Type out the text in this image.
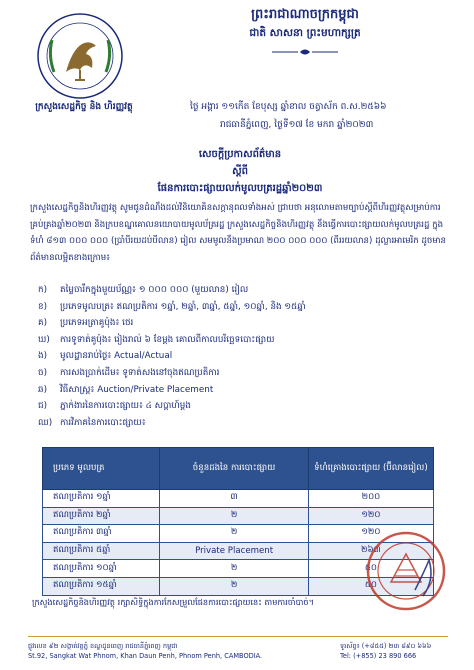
ក្រសួងសេដ្ឋកិច្ច និង ហិរញ្ញវត្ថុ
ព្រះរាជាណាចក្រកម្ពុជា
ជាតិ សាសនា ព្រះមហាក្សត្រ
ថ្ងៃ អង្គារ ១១កើត ខែបុស្ស ឆ្នាំខាល ចត្វាស័ក ព.ស.២៥៦៦
រាជធានីភ្នំពេញ, ថ្ងៃទី១៧ ខែ មករា ឆ្នាំ២០២៣
សេចក្តីប្រកាសព័ត៌មាន
ស្តីពី
ផែនការបោះផ្សាយលក់មូលបត្ររដ្ឋឆ្នាំ២០២៣
ក្រសួងសេដ្ឋកិច្ចនិងហិរញ្ញវត្ថុ សូមជូនដំណឹងដល់វិនិយោគិនសក្តានុពលទាំងអស់ ជ្រាបថា អនុលោមតាមច្បាប់ស្តីពីហិរញ្ញវត្ថុសម្រាប់ការគ្រប់គ្រងឆ្នាំ២០២៣ និងក្របខណ្ឌគោលនយោបាយមូលប័ត្ររដ្ឋ ក្រសួងសេដ្ឋកិច្ចនិងហិរញ្ញវត្ថុ នឹងធ្វើការបោះផ្សាយលក់មូលបត្ររដ្ឋ ក្នុងទំហំ ៨១៣ ០០០ ០០០ (ប្រាំបីរយដប់បីលាន) រៀល សមមូលនឹងប្រមាណ ២០០ ០០០ ០០០ (ពីររយលាន) ដុល្លារអាមេរិក ដូចមានព័ត៌មានលម្អិតខាងក្រោម៖
ក)	តម្លៃចារឹកក្នុងមួយប័ណ្ណ៖ ១ ០០០ ០០០ (មួយលាន) រៀល
ខ)	ប្រភេទមូលបត្រ៖ ឥណប្រតិការ ១ឆ្នាំ, ២ឆ្នាំ, ៣ឆ្នាំ, ៥ឆ្នាំ, ១០ឆ្នាំ, និង ១៥ឆ្នាំ
គ)	ប្រភេទអត្រាគូប៉ុង៖ ថេរ
ឃ)	ការទូទាត់គូប៉ុង៖ រៀងរាល់ ៦ ខែម្តង គោលពីកាលបរិច្ឆេទបោះផ្សាយ
ង)	មូលដ្ឋានរាប់ថ្ងៃ៖ Actual/Actual
ច)	ការសងប្រាក់ដើម៖ ទូទាត់សងនៅចុងឥណប្រតិការ
ឆ)	វិធីសាស្ត្រ៖ Auction/Private Placement
ជ)	ភ្នាក់ងារនៃការបោះផ្សាយ៖ ៤ សប្តាហ៍ម្តង
ឈ) ការវិភាគនៃការបោះផ្សាយ៖
ប្រភេទ មូលបត្រ	ចំនួនដងនៃ ការបោះផ្សាយ	ទំហំគ្រោងបោះផ្សាយ (ប៊ីលានរៀល)
ឥណប្រតិការ ១ឆ្នាំ	៣	២០០
ឥណប្រតិការ ២ឆ្នាំ	២	១២០
ឥណប្រតិការ ៣ឆ្នាំ	២	១២០
ឥណប្រតិការ ៥ឆ្នាំ	Private Placement	២៦៣
ឥណប្រតិការ ១០ឆ្នាំ	២	៥០
ឥណប្រតិការ ១៥ឆ្នាំ	២	៥០
ក្រសួងសេដ្ឋកិច្ចនិងហិរញ្ញវត្ថុ រក្សាសិទ្ធិក្នុងការកែសម្រួលផែនការបោះផ្សាយនេះ តាមការចាំបាច់។
ផ្លូវលេខ ៩២ សង្កាត់វត្តភ្នំ ខណ្ឌដូនពេញ រាជធានីភ្នំពេញ កម្ពុជា
St.92, Sangkat Wat Phnom, Khan Daun Penh, Phnom Penh, CAMBODIA.
ទូរស័ព្ទ៖ (+៨៥៥) ២៣ ៨៩០ ៦៦៦
Tel: (+855) 23 890 666
